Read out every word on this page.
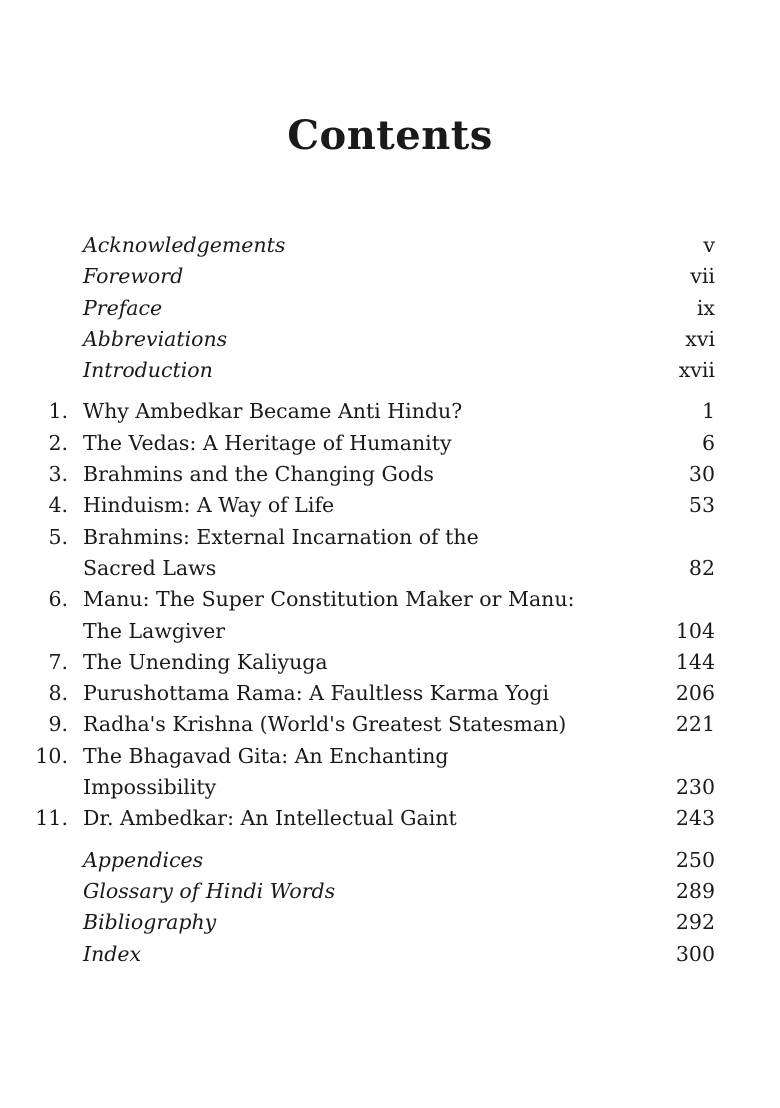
Contents
Acknowledgements	v
Foreword	vii
Preface	ix
Abbreviations	xvi
Introduction	xvii
1. Why Ambedkar Became Anti Hindu?	1
2. The Vedas: A Heritage of Humanity	6
3. Brahmins and the Changing Gods	30
4. Hinduism: A Way of Life	53
5. Brahmins: External Incarnation of the
Sacred Laws	82
6. Manu: The Super Constitution Maker or Manu:
The Lawgiver	104
7. The Unending Kaliyuga	144
8. Purushottama Rama: A Faultless Karma Yogi	206
9. Radha's Krishna (World's Greatest Statesman)	221
10. The Bhagavad Gita: An Enchanting
Impossibility	230
11. Dr. Ambedkar: An Intellectual Gaint	243
Appendices	250
Glossary of Hindi Words	289
Bibliography	292
Index	300
